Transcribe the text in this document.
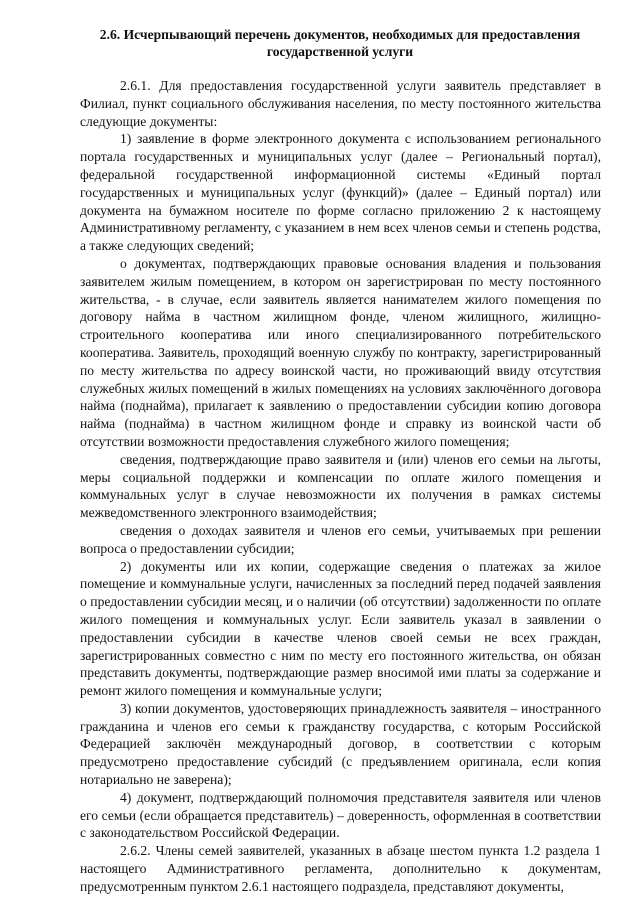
2.6. Исчерпывающий перечень документов, необходимых для предоставления государственной услуги

2.6.1. Для предоставления государственной услуги заявитель представляет в Филиал, пункт социального обслуживания населения, по месту постоянного жительства следующие документы:

1) заявление в форме электронного документа с использованием регионального портала государственных и муниципальных услуг (далее – Региональный портал), федеральной государственной информационной системы «Единый портал государственных и муниципальных услуг (функций)» (далее – Единый портал) или документа на бумажном носителе по форме согласно приложению 2 к настоящему Административному регламенту, с указанием в нем всех членов семьи и степень родства, а также следующих сведений;

о документах, подтверждающих правовые основания владения и пользования заявителем жилым помещением, в котором он зарегистрирован по месту постоянного жительства, - в случае, если заявитель является нанимателем жилого помещения по договору найма в частном жилищном фонде, членом жилищного, жилищно-строительного кооператива или иного специализированного потребительского кооператива. Заявитель, проходящий военную службу по контракту, зарегистрированный по месту жительства по адресу воинской части, но проживающий ввиду отсутствия служебных жилых помещений в жилых помещениях на условиях заключённого договора найма (поднайма), прилагает к заявлению о предоставлении субсидии копию договора найма (поднайма) в частном жилищном фонде и справку из воинской части об отсутствии возможности предоставления служебного жилого помещения;

сведения, подтверждающие право заявителя и (или) членов его семьи на льготы, меры социальной поддержки и компенсации по оплате жилого помещения и коммунальных услуг в случае невозможности их получения в рамках системы межведомственного электронного взаимодействия;

сведения о доходах заявителя и членов его семьи, учитываемых при решении вопроса о предоставлении субсидии;

2) документы или их копии, содержащие сведения о платежах за жилое помещение и коммунальные услуги, начисленных за последний перед подачей заявления о предоставлении субсидии месяц, и о наличии (об отсутствии) задолженности по оплате жилого помещения и коммунальных услуг. Если заявитель указал в заявлении о предоставлении субсидии в качестве членов своей семьи не всех граждан, зарегистрированных совместно с ним по месту его постоянного жительства, он обязан представить документы, подтверждающие размер вносимой ими платы за содержание и ремонт жилого помещения и коммунальные услуги;

3) копии документов, удостоверяющих принадлежность заявителя – иностранного гражданина и членов его семьи к гражданству государства, с которым Российской Федерацией заключён международный договор, в соответствии с которым предусмотрено предоставление субсидий (с предъявлением оригинала, если копия нотариально не заверена);

4) документ, подтверждающий полномочия представителя заявителя или членов его семьи (если обращается представитель) – доверенность, оформленная в соответствии с законодательством Российской Федерации.

2.6.2. Члены семей заявителей, указанных в абзаце шестом пункта 1.2 раздела 1 настоящего Административного регламента, дополнительно к документам, предусмотренным пунктом 2.6.1 настоящего подраздела, представляют документы,
